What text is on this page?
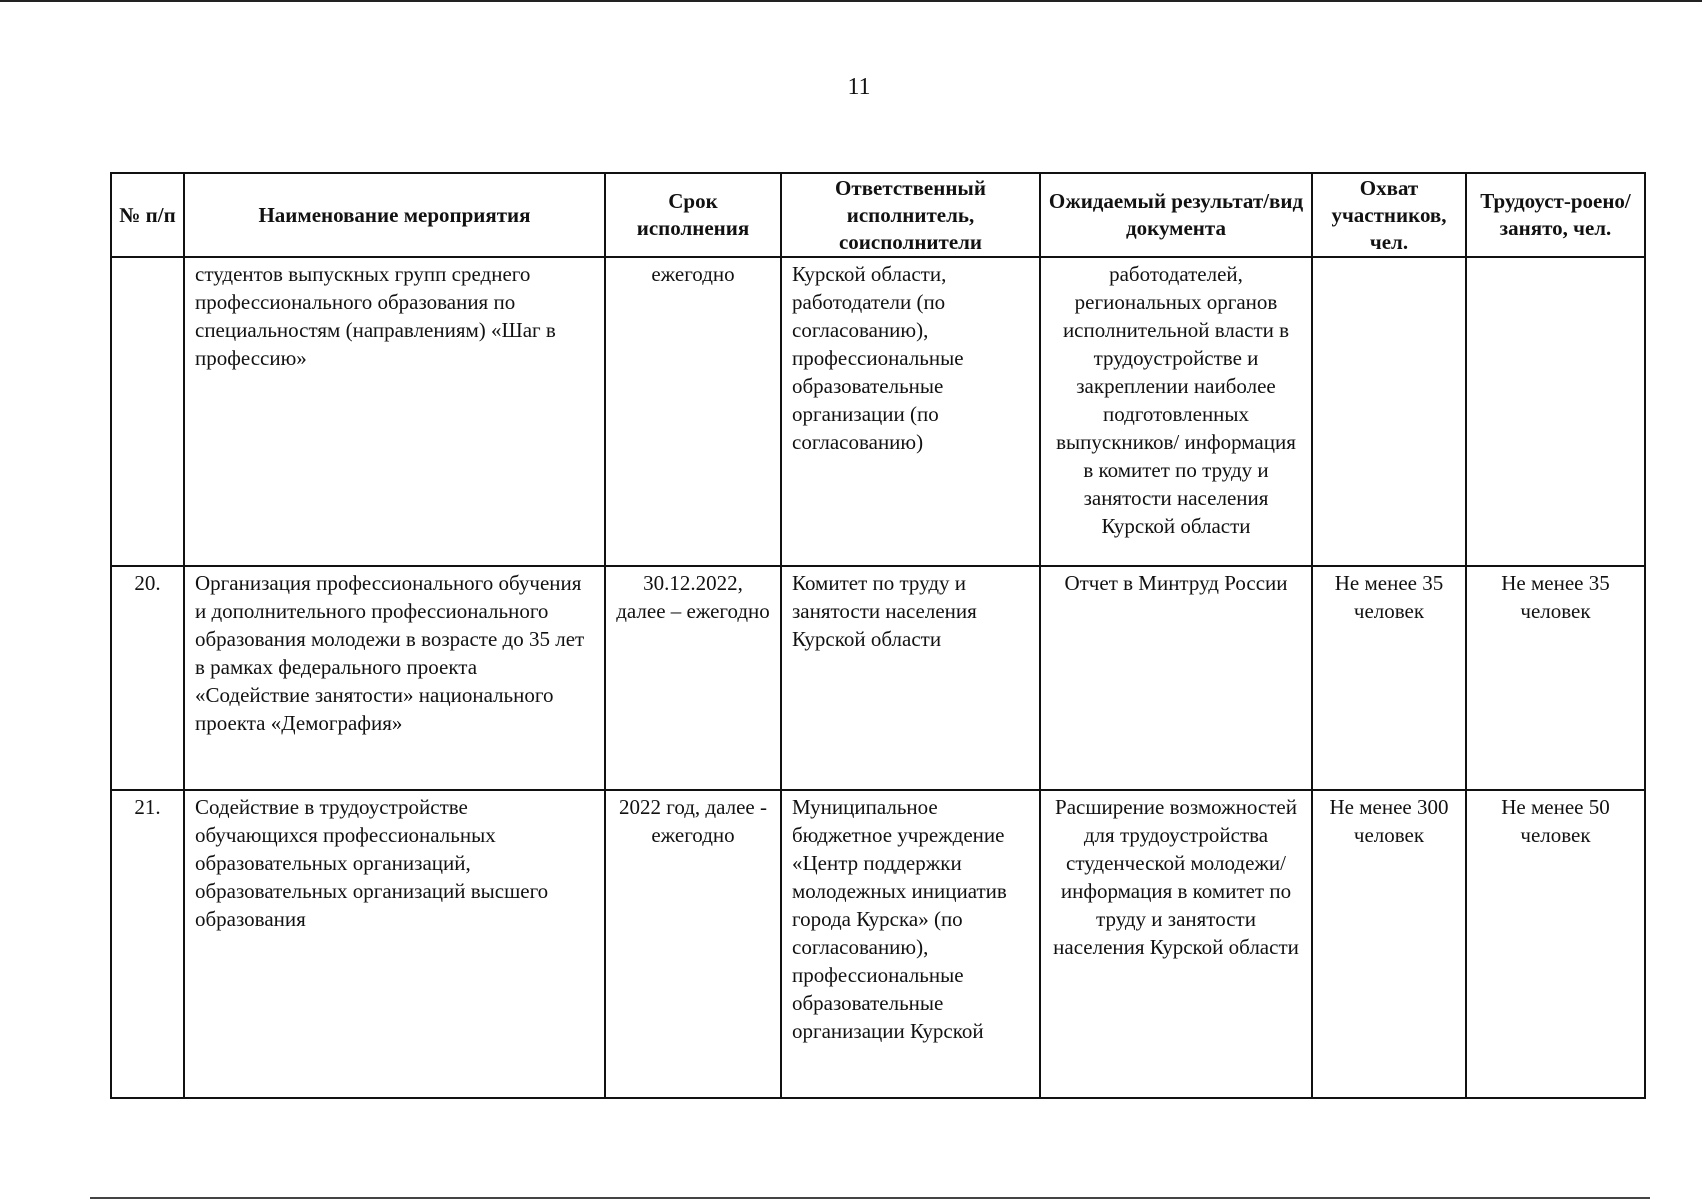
11
№ п/п	Наименование мероприятия	Срок исполнения	Ответственный исполнитель, соисполнители	Ожидаемый результат/вид документа	Охват участников, чел.	Трудоуст-роено/занято, чел.
	студентов выпускных групп среднего профессионального образования по специальностям (направлениям) «Шаг в профессию»	ежегодно	Курской области, работодатели (по согласованию), профессиональные образовательные организации (по согласованию)	работодателей, региональных органов исполнительной власти в трудоустройстве и закреплении наиболее подготовленных выпускников/ информация в комитет по труду и занятости населения Курской области		
20.	Организация профессионального обучения и дополнительного профессионального образования молодежи в возрасте до 35 лет в рамках федерального проекта «Содействие занятости» национального проекта «Демография»	30.12.2022, далее – ежегодно	Комитет по труду и занятости населения Курской области	Отчет в Минтруд России	Не менее 35 человек	Не менее 35 человек
21.	Содействие в трудоустройстве обучающихся профессиональных образовательных организаций, образовательных организаций высшего образования	2022 год, далее - ежегодно	Муниципальное бюджетное учреждение «Центр поддержки молодежных инициатив города Курска» (по согласованию), профессиональные образовательные организации Курской	Расширение возможностей для трудоустройства студенческой молодежи/ информация в комитет по труду и занятости населения Курской области	Не менее 300 человек	Не менее 50 человек
